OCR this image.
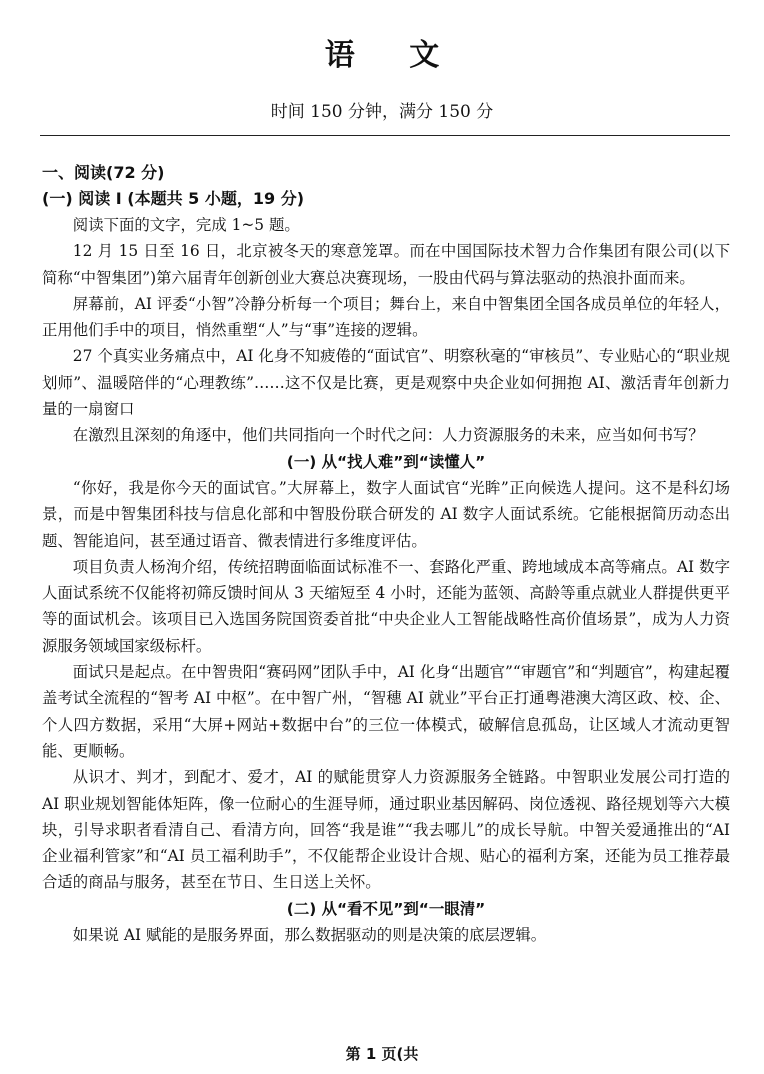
语 文
时间 150 分钟，满分 150 分

一、阅读(72 分)

(一) 阅读 I (本题共 5 小题，19 分)

阅读下面的文字，完成 1~5 题。

12 月 15 日至 16 日，北京被冬天的寒意笼罩。而在中国国际技术智力合作集团有限公司(以下简称“中智集团”)第六届青年创新创业大赛总决赛现场，一股由代码与算法驱动的热浪扑面而来。

屏幕前，AI 评委“小智”冷静分析每一个项目；舞台上，来自中智集团全国各成员单位的年轻人，正用他们手中的项目，悄然重塑“人”与“事”连接的逻辑。

27 个真实业务痛点中，AI 化身不知疲倦的“面试官”、明察秋毫的“审核员”、专业贴心的“职业规划师”、温暖陪伴的“心理教练”……这不仅是比赛，更是观察中央企业如何拥抱 AI、激活青年创新力量的一扇窗口

在激烈且深刻的角逐中，他们共同指向一个时代之问：人力资源服务的未来，应当如何书写？

(一) 从“找人难”到“读懂人”

“你好，我是你今天的面试官。”大屏幕上，数字人面试官“光眸”正向候选人提问。这不是科幻场景，而是中智集团科技与信息化部和中智股份联合研发的 AI 数字人面试系统。它能根据简历动态出题、智能追问，甚至通过语音、微表情进行多维度评估。

项目负责人杨洵介绍，传统招聘面临面试标准不一、套路化严重、跨地域成本高等痛点。AI 数字人面试系统不仅能将初筛反馈时间从 3 天缩短至 4 小时，还能为蓝领、高龄等重点就业人群提供更平等的面试机会。该项目已入选国务院国资委首批“中央企业人工智能战略性高价值场景”，成为人力资源服务领域国家级标杆。

面试只是起点。在中智贵阳“赛码网”团队手中，AI 化身“出题官”“审题官”和“判题官”，构建起覆盖考试全流程的“智考 AI 中枢”。在中智广州，“智穗 AI 就业”平台正打通粤港澳大湾区政、校、企、个人四方数据，采用“大屏+网站+数据中台”的三位一体模式，破解信息孤岛，让区域人才流动更智能、更顺畅。

从识才、判才，到配才、爱才，AI 的赋能贯穿人力资源服务全链路。中智职业发展公司打造的 AI 职业规划智能体矩阵，像一位耐心的生涯导师，通过职业基因解码、岗位透视、路径规划等六大模块，引导求职者看清自己、看清方向，回答“我是谁”“我去哪儿”的成长导航。中智关爱通推出的“AI 企业福利管家”和“AI 员工福利助手”，不仅能帮企业设计合规、贴心的福利方案，还能为员工推荐最合适的商品与服务，甚至在节日、生日送上关怀。

(二) 从“看不见”到“一眼清”

如果说 AI 赋能的是服务界面，那么数据驱动的则是决策的底层逻辑。

第 1 页(共
